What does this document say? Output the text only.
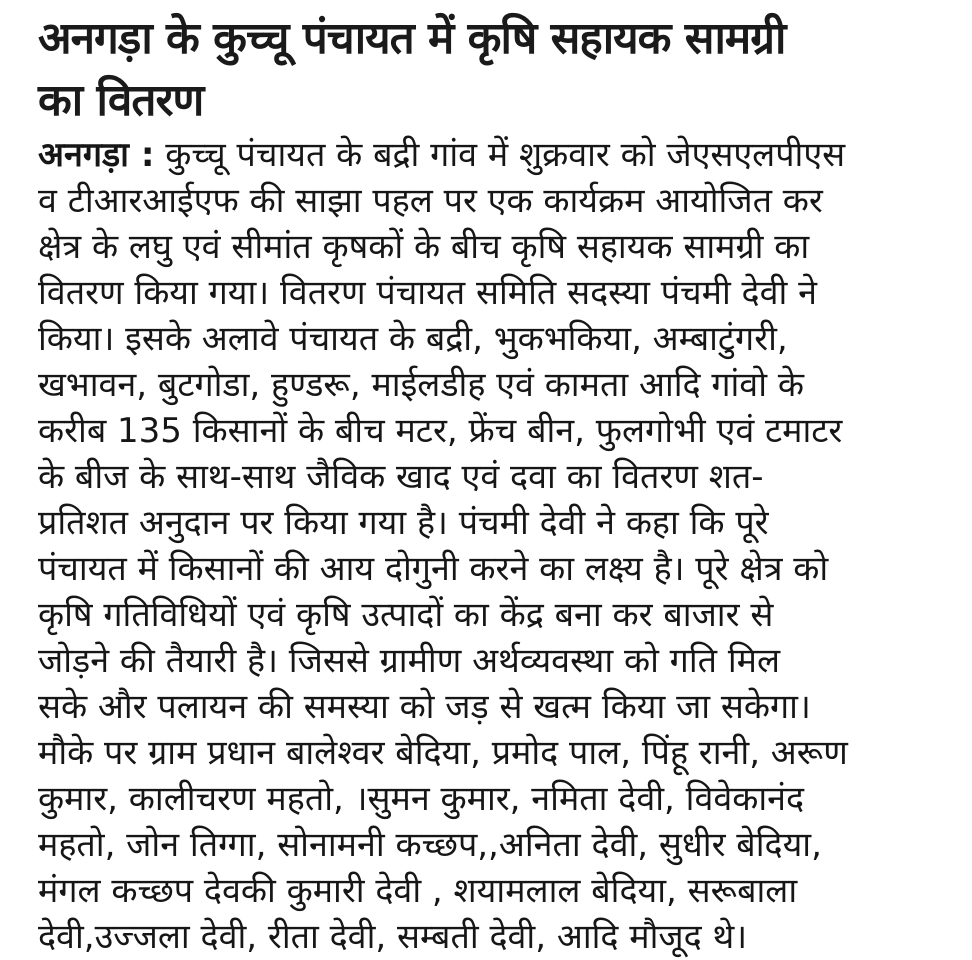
अनगड़ा के कुच्चू पंचायत में कृषि सहायक सामग्री
का वितरण
अनगड़ा : कुच्चू पंचायत के बद्री गांव में शुक्रवार को जेएसएलपीएस
व टीआरआईएफ की साझा पहल पर एक कार्यक्रम आयोजित कर
क्षेत्र के लघु एवं सीमांत कृषकों के बीच कृषि सहायक सामग्री का
वितरण किया गया। वितरण पंचायत समिति सदस्या पंचमी देवी ने
किया। इसके अलावे पंचायत के बद्री, भुकभकिया, अम्बाटुंगरी,
खभावन, बुटगोडा, हुण्डरू, माईलडीह एवं कामता आदि गांवो के
करीब 135 किसानों के बीच मटर, फ्रेंच बीन, फुलगोभी एवं टमाटर
के बीज के साथ-साथ जैविक खाद एवं दवा का वितरण शत-
प्रतिशत अनुदान पर किया गया है। पंचमी देवी ने कहा कि पूरे
पंचायत में किसानों की आय दोगुनी करने का लक्ष्य है। पूरे क्षेत्र को
कृषि गतिविधियों एवं कृषि उत्पादों का केंद्र बना कर बाजार से
जोड़ने की तैयारी है। जिससे ग्रामीण अर्थव्यवस्था को गति मिल
सके और पलायन की समस्या को जड़ से खत्म किया जा सकेगा।
मौके पर ग्राम प्रधान बालेश्वर बेदिया, प्रमोद पाल, पिंहू रानी, अरूण
कुमार, कालीचरण महतो, ।सुमन कुमार, नमिता देवी, विवेकानंद
महतो, जोन तिग्गा, सोनामनी कच्छप,,अनिता देवी, सुधीर बेदिया,
मंगल कच्छप देवकी कुमारी देवी , शयामलाल बेदिया, सरूबाला
देवी,उज्जला देवी, रीता देवी, सम्बती देवी, आदि मौजूद थे।
